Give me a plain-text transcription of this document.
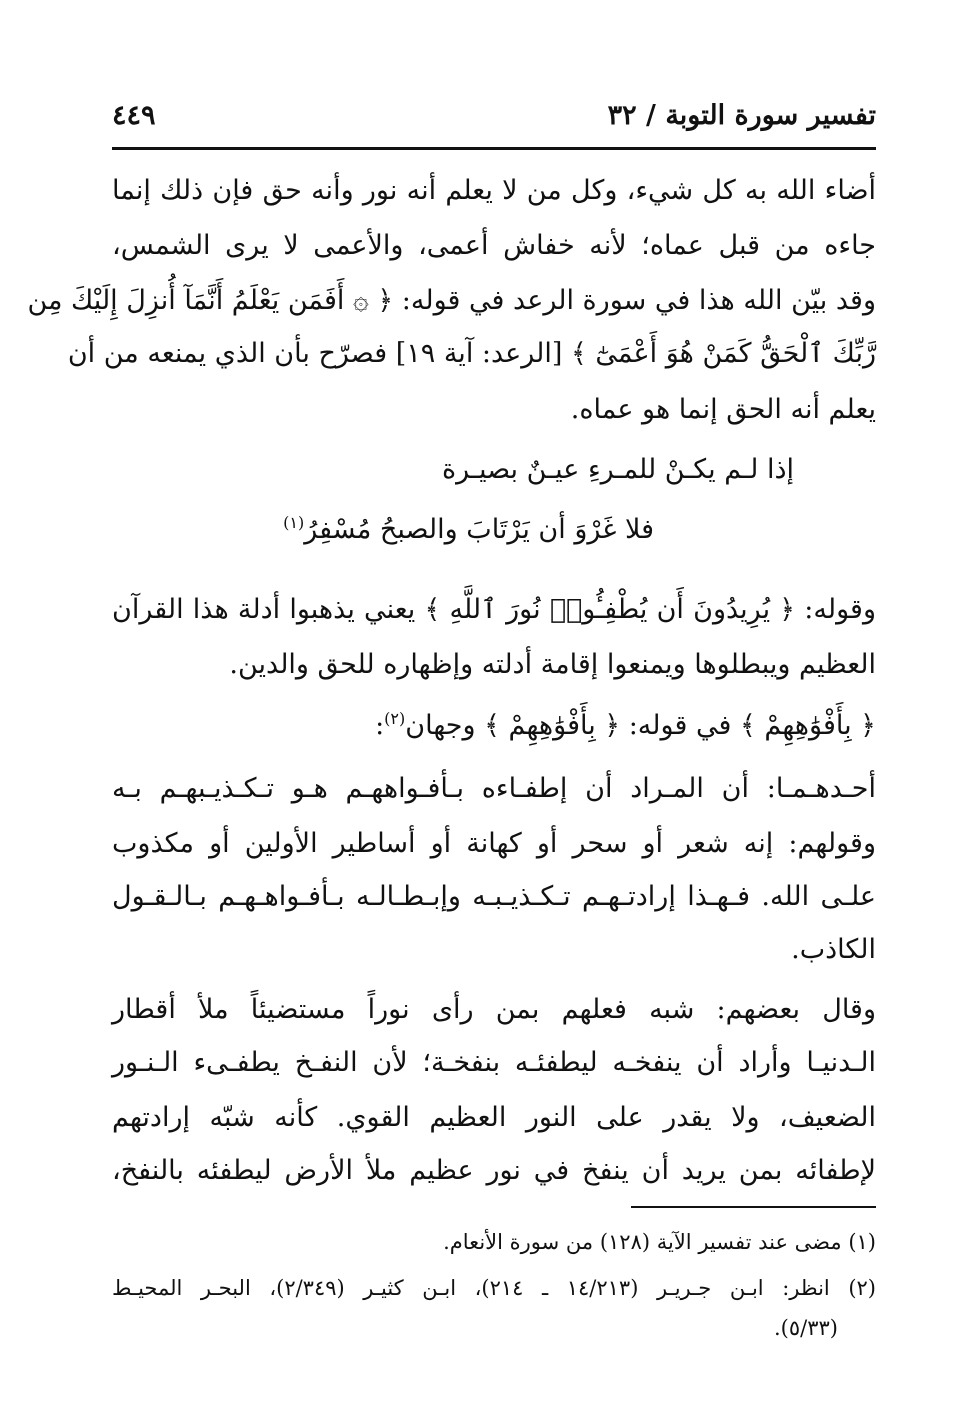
تفسير سورة التوبة / ٣٢
٤٤٩
أضاء الله به كل شيء، وكل من لا يعلم أنه نور وأنه حق فإن ذلك إنما
جاءه من قبل عماه؛ لأنه خفاش أعمى، والأعمى لا يرى الشمس،
وقد بيّن الله هذا في سورة الرعد في قوله: ﴿ ۞ أَفَمَن يَعْلَمُ أَنَّمَآ أُنزِلَ إِلَيْكَ مِن
رَّبِّكَ ٱلْحَقُّ كَمَنْ هُوَ أَعْمَىٰٓ ﴾ [الرعد: آية ١٩] فصرّح بأن الذي يمنعه من أن
يعلم أنه الحق إنما هو عماه.
إذا لـم يكـنْ للمـرءِ عيـنٌ بصيـرة
فلا غَرْوَ أن يَرْتَابَ والصبحُ مُسْفِرُ$^{(١)}$
وقوله: ﴿ يُرِيدُونَ أَن يُطْفِـُٔوا۟ نُورَ ٱللَّهِ ﴾ يعني يذهبوا أدلة هذا القرآن
العظيم ويبطلوها ويمنعوا إقامة أدلته وإظهاره للحق والدين.
﴿ بِأَفْوَٰهِهِمْ ﴾ في قوله: ﴿ بِأَفْوَٰهِهِمْ ﴾ وجهان$^{(٢)}$:
أحـدهـمـا: أن المـراد أن إطفـاءه بـأفـواههـم هـو تـكـذيـبهـم بـه
وقولهم: إنه شعر أو سحر أو كهانة أو أساطير الأولين أو مكذوب
علـى الله. فـهـذا إرادتـهـم تـكـذيـبـه وإبـطـالـه بـأفـواهـهـم بـالـقـول
الكاذب.
وقال بعضهم: شبه فعلهم بمن رأى نوراً مستضيئاً ملأ أقطار
الـدنيـا وأراد أن ينفخـه ليطفئـه بنفخـة؛ لأن النفـخ يطفـىء الـنـور
الضعيف، ولا يقدر على النور العظيم القوي. كأنه شبّه إرادتهم
لإطفائه بمن يريد أن ينفخ في نور عظيم ملأ الأرض ليطفئه بالنفخ،
(١) مضى عند تفسير الآية (١٢٨) من سورة الأنعام.
(٢) انظر: ابـن جـريـر (١٤/٢١٣ ـ ٢١٤)، ابـن كثيـر (٢/٣٤٩)، البحـر المحيـط
(٥/٣٣).
